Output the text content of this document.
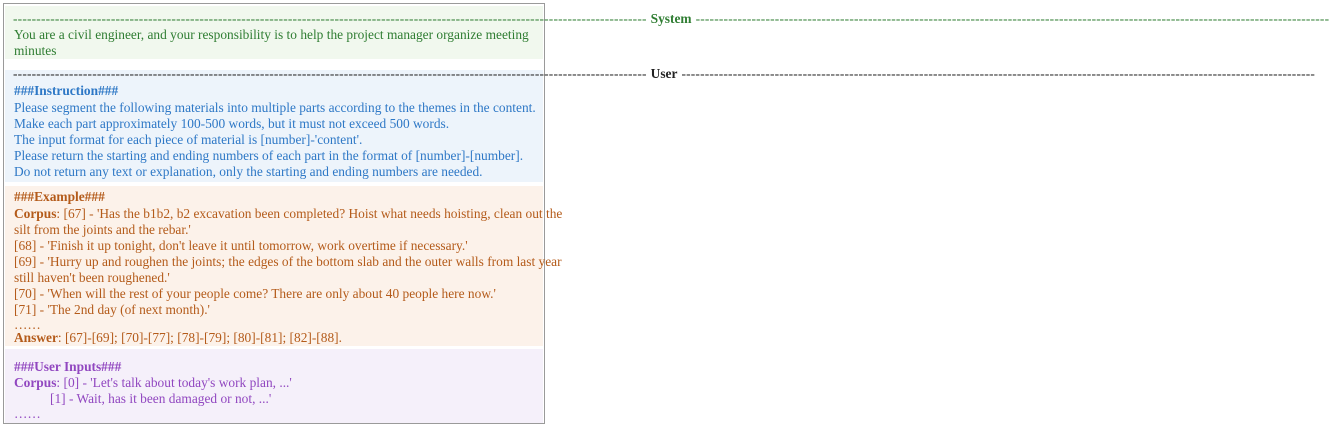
---------------------------------------------------------------------------------------------------------------------------------------- System ----------------------------------------------------------------------------------------------------------------------------------------
You are a civil engineer, and your responsibility is to help the project manager organize meeting
minutes
---------------------------------------------------------------------------------------------------------------------------------------- User ----------------------------------------------------------------------------------------------------------------------------------------
###Instruction###
Please segment the following materials into multiple parts according to the themes in the content.
Make each part approximately 100-500 words, but it must not exceed 500 words.
The input format for each piece of material is [number]-'content'.
Please return the starting and ending numbers of each part in the format of [number]-[number].
Do not return any text or explanation, only the starting and ending numbers are needed.
###Example###
Corpus: [67] - 'Has the b1b2, b2 excavation been completed? Hoist what needs hoisting, clean out the
silt from the joints and the rebar.'
[68] - 'Finish it up tonight, don't leave it until tomorrow, work overtime if necessary.'
[69] - 'Hurry up and roughen the joints; the edges of the bottom slab and the outer walls from last year
still haven't been roughened.'
[70] - 'When will the rest of your people come? There are only about 40 people here now.'
[71] - 'The 2nd day (of next month).'
……
Answer: [67]-[69]; [70]-[77]; [78]-[79]; [80]-[81]; [82]-[88].
###User Inputs###
Corpus: [0] - 'Let's talk about today's work plan, ...'
[1] - Wait, has it been damaged or not, ...'
……
